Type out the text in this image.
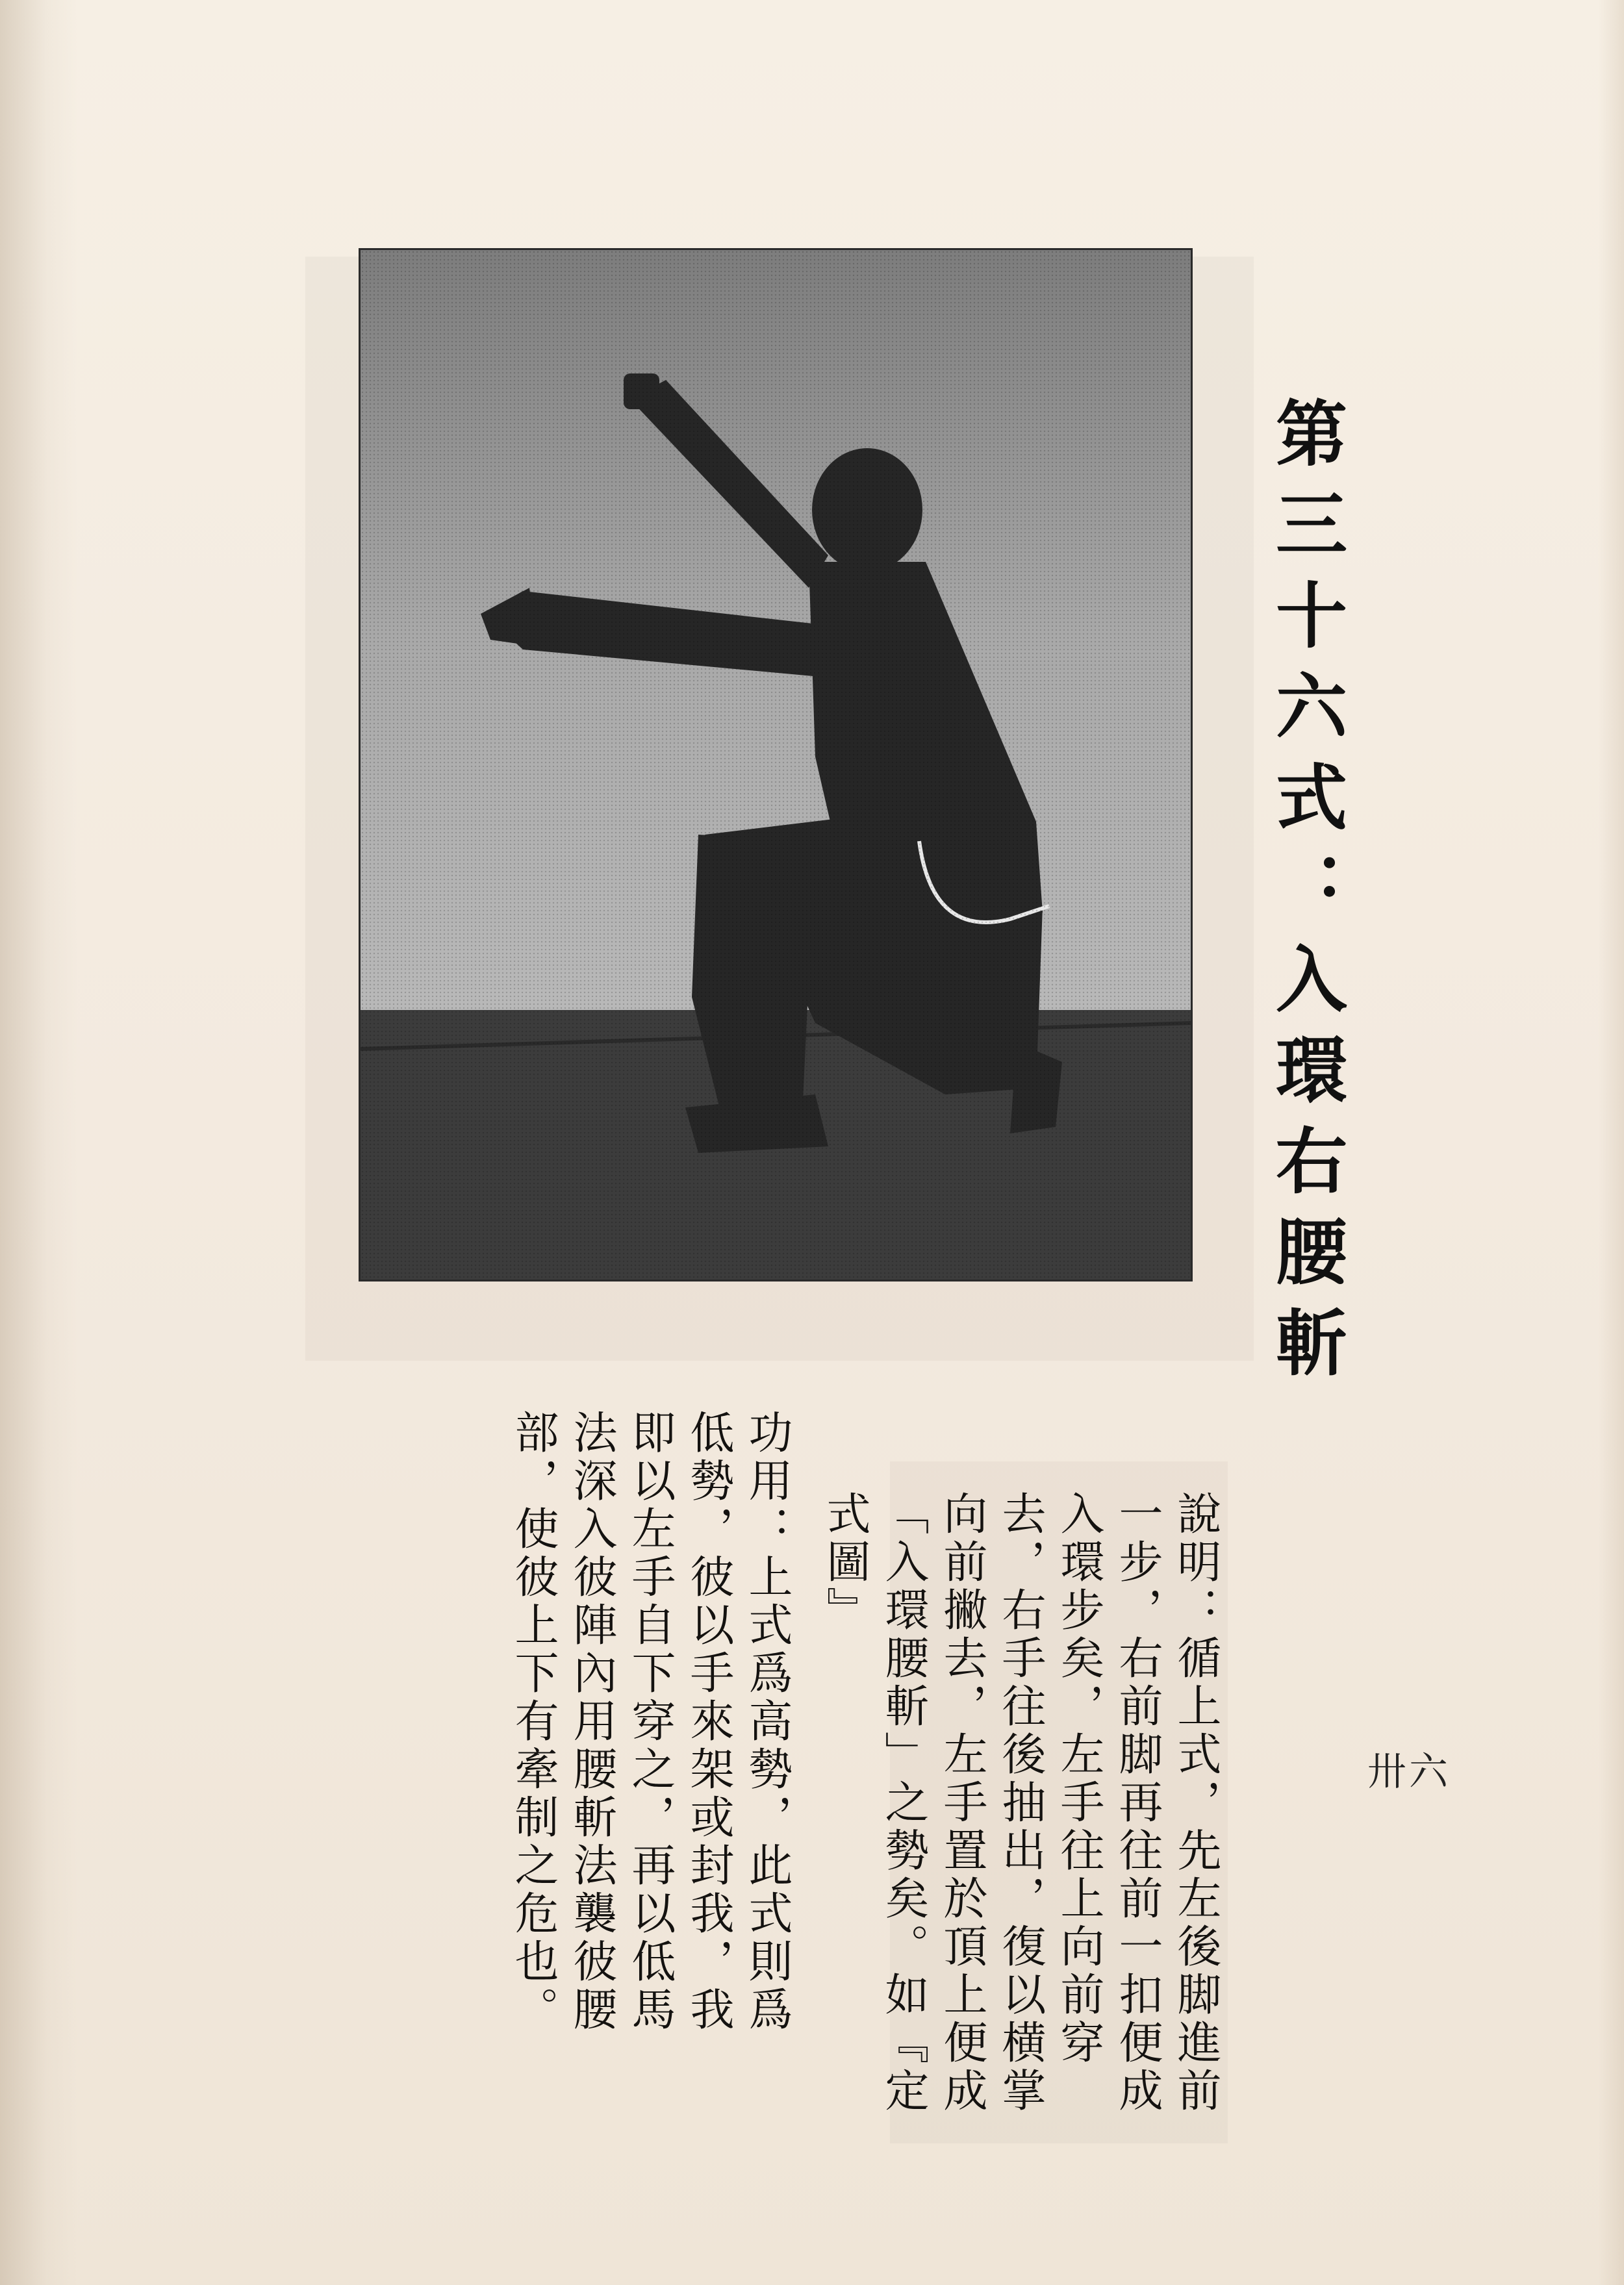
第三十六式：入環右腰斬

說明：循上式，先左後脚進前一步，右前脚再往前一扣便成入環步矣，左手往上向前穿去，右手往後抽出，復以横掌向前撇去，左手置於頂上便成「入環腰斬」之勢矣。如『定式圖』

功用：上式爲高勢，此式則爲低勢，彼以手來架或封我，我即以左手自下穿之，再以低馬法深入彼陣內用腰斬法襲彼腰部，使彼上下有牽制之危也。	卅六
